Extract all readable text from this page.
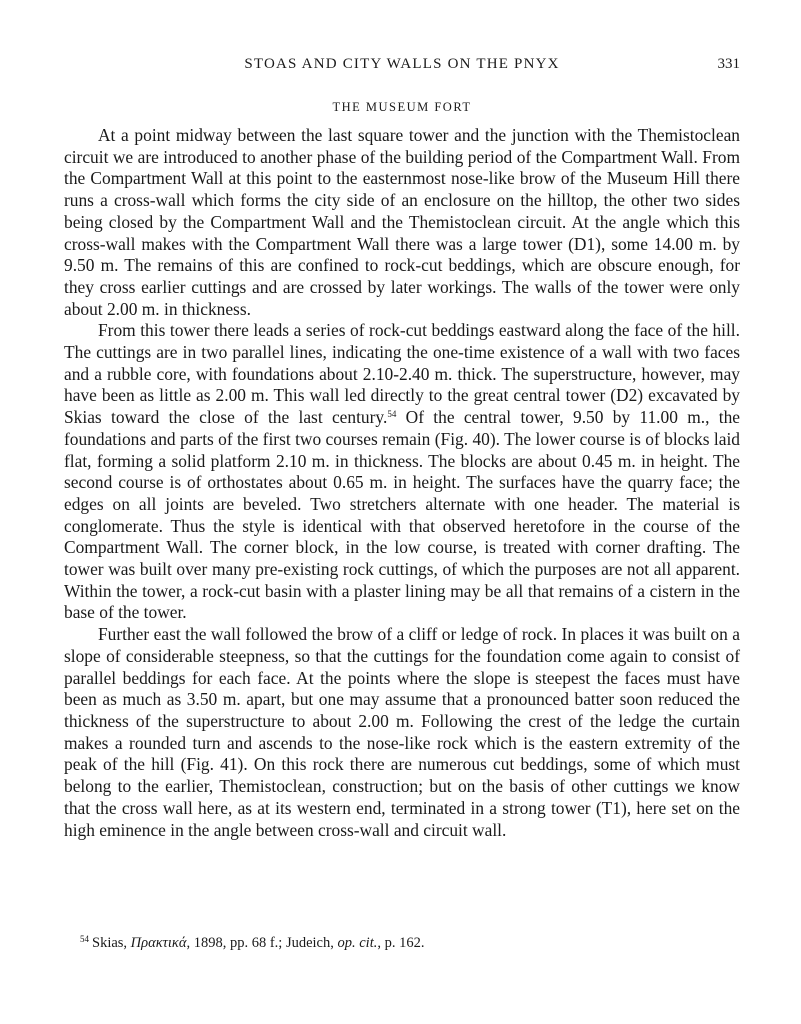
STOAS AND CITY WALLS ON THE PNYX	331
THE MUSEUM FORT

At a point midway between the last square tower and the junction with the Themistoclean circuit we are introduced to another phase of the building period of the Compartment Wall. From the Compartment Wall at this point to the easternmost nose-like brow of the Museum Hill there runs a cross-wall which forms the city side of an enclosure on the hilltop, the other two sides being closed by the Compartment Wall and the Themistoclean circuit. At the angle which this cross-wall makes with the Compartment Wall there was a large tower (D1), some 14.00 m. by 9.50 m. The remains of this are confined to rock-cut beddings, which are obscure enough, for they cross earlier cuttings and are crossed by later workings. The walls of the tower were only about 2.00 m. in thickness.

From this tower there leads a series of rock-cut beddings eastward along the face of the hill. The cuttings are in two parallel lines, indicating the one-time existence of a wall with two faces and a rubble core, with foundations about 2.10-2.40 m. thick. The superstructure, however, may have been as little as 2.00 m. This wall led directly to the great central tower (D2) excavated by Skias toward the close of the last century.$^{54}$ Of the central tower, 9.50 by 11.00 m., the foundations and parts of the first two courses remain (Fig. 40). The lower course is of blocks laid flat, forming a solid platform 2.10 m. in thickness. The blocks are about 0.45 m. in height. The second course is of orthostates about 0.65 m. in height. The surfaces have the quarry face; the edges on all joints are beveled. Two stretchers alternate with one header. The material is conglomerate. Thus the style is identical with that observed heretofore in the course of the Compartment Wall. The corner block, in the low course, is treated with corner drafting. The tower was built over many pre-existing rock cuttings, of which the purposes are not all apparent. Within the tower, a rock-cut basin with a plaster lining may be all that remains of a cistern in the base of the tower.

Further east the wall followed the brow of a cliff or ledge of rock. In places it was built on a slope of considerable steepness, so that the cuttings for the foundation come again to consist of parallel beddings for each face. At the points where the slope is steepest the faces must have been as much as 3.50 m. apart, but one may assume that a pronounced batter soon reduced the thickness of the superstructure to about 2.00 m. Following the crest of the ledge the curtain makes a rounded turn and ascends to the nose-like rock which is the eastern extremity of the peak of the hill (Fig. 41). On this rock there are numerous cut beddings, some of which must belong to the earlier, Themistoclean, construction; but on the basis of other cuttings we know that the cross wall here, as at its western end, terminated in a strong tower (T1), here set on the high eminence in the angle between cross-wall and circuit wall.

$^{54}$ Skias, Πρακτικά, 1898, pp. 68 f.; Judeich, op. cit., p. 162.
